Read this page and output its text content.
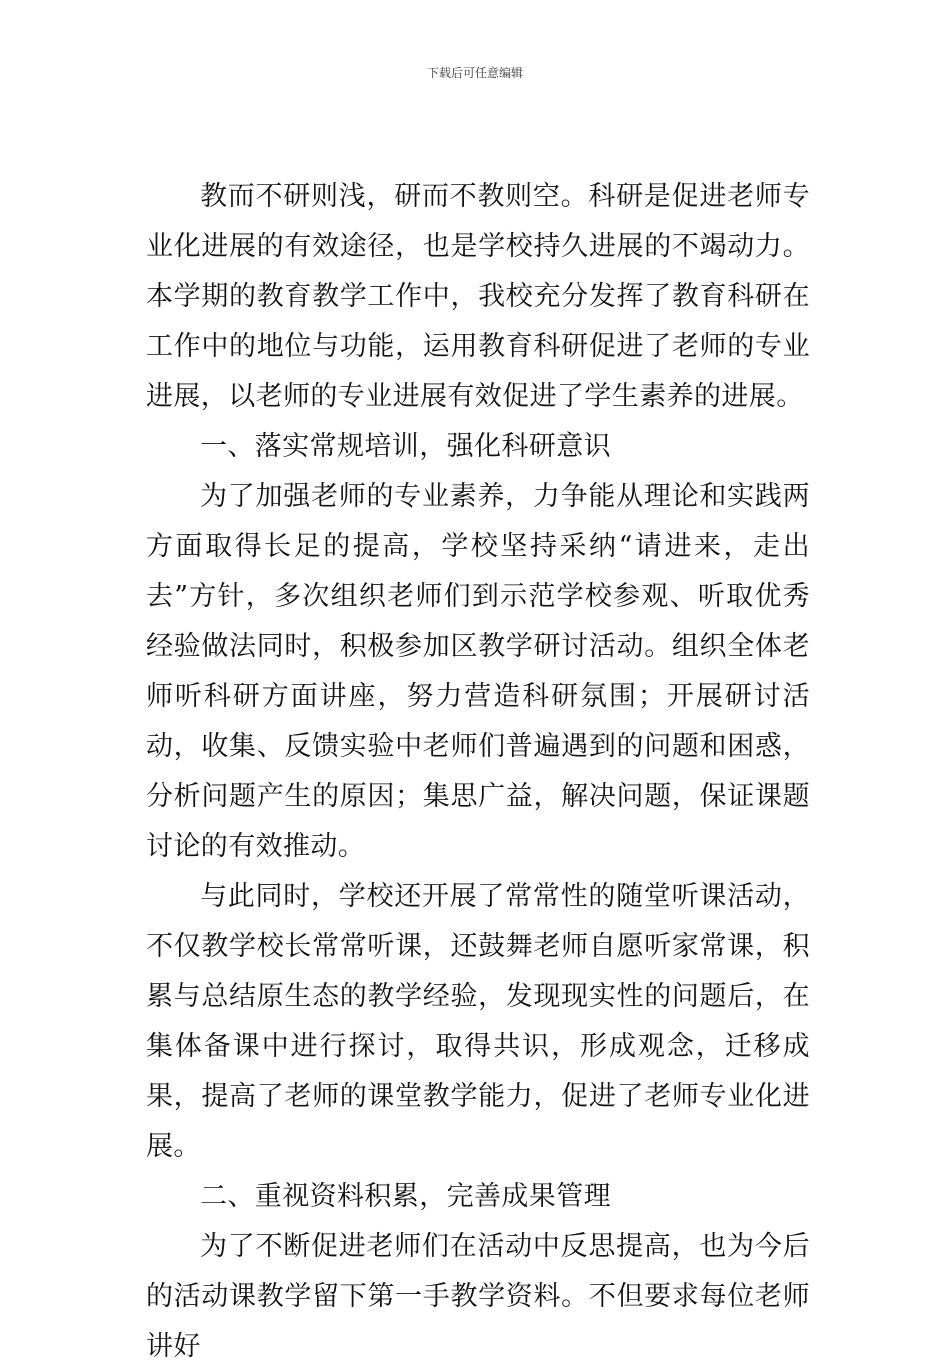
下载后可任意编辑

教而不研则浅，研而不教则空。科研是促进老师专业化进展的有效途径，也是学校持久进展的不竭动力。本学期的教育教学工作中，我校充分发挥了教育科研在工作中的地位与功能，运用教育科研促进了老师的专业进展，以老师的专业进展有效促进了学生素养的进展。

一、落实常规培训，强化科研意识

为了加强老师的专业素养，力争能从理论和实践两方面取得长足的提高，学校坚持采纳“请进来，走出去”方针，多次组织老师们到示范学校参观、听取优秀经验做法同时，积极参加区教学研讨活动。组织全体老师听科研方面讲座，努力营造科研氛围；开展研讨活动，收集、反馈实验中老师们普遍遇到的问题和困惑，分析问题产生的原因；集思广益，解决问题，保证课题讨论的有效推动。

与此同时，学校还开展了常常性的随堂听课活动，不仅教学校长常常听课，还鼓舞老师自愿听家常课，积累与总结原生态的教学经验，发现现实性的问题后，在集体备课中进行探讨，取得共识，形成观念，迁移成果，提高了老师的课堂教学能力，促进了老师专业化进展。

二、重视资料积累，完善成果管理

为了不断促进老师们在活动中反思提高，也为今后的活动课教学留下第一手教学资料。不但要求每位老师讲好
